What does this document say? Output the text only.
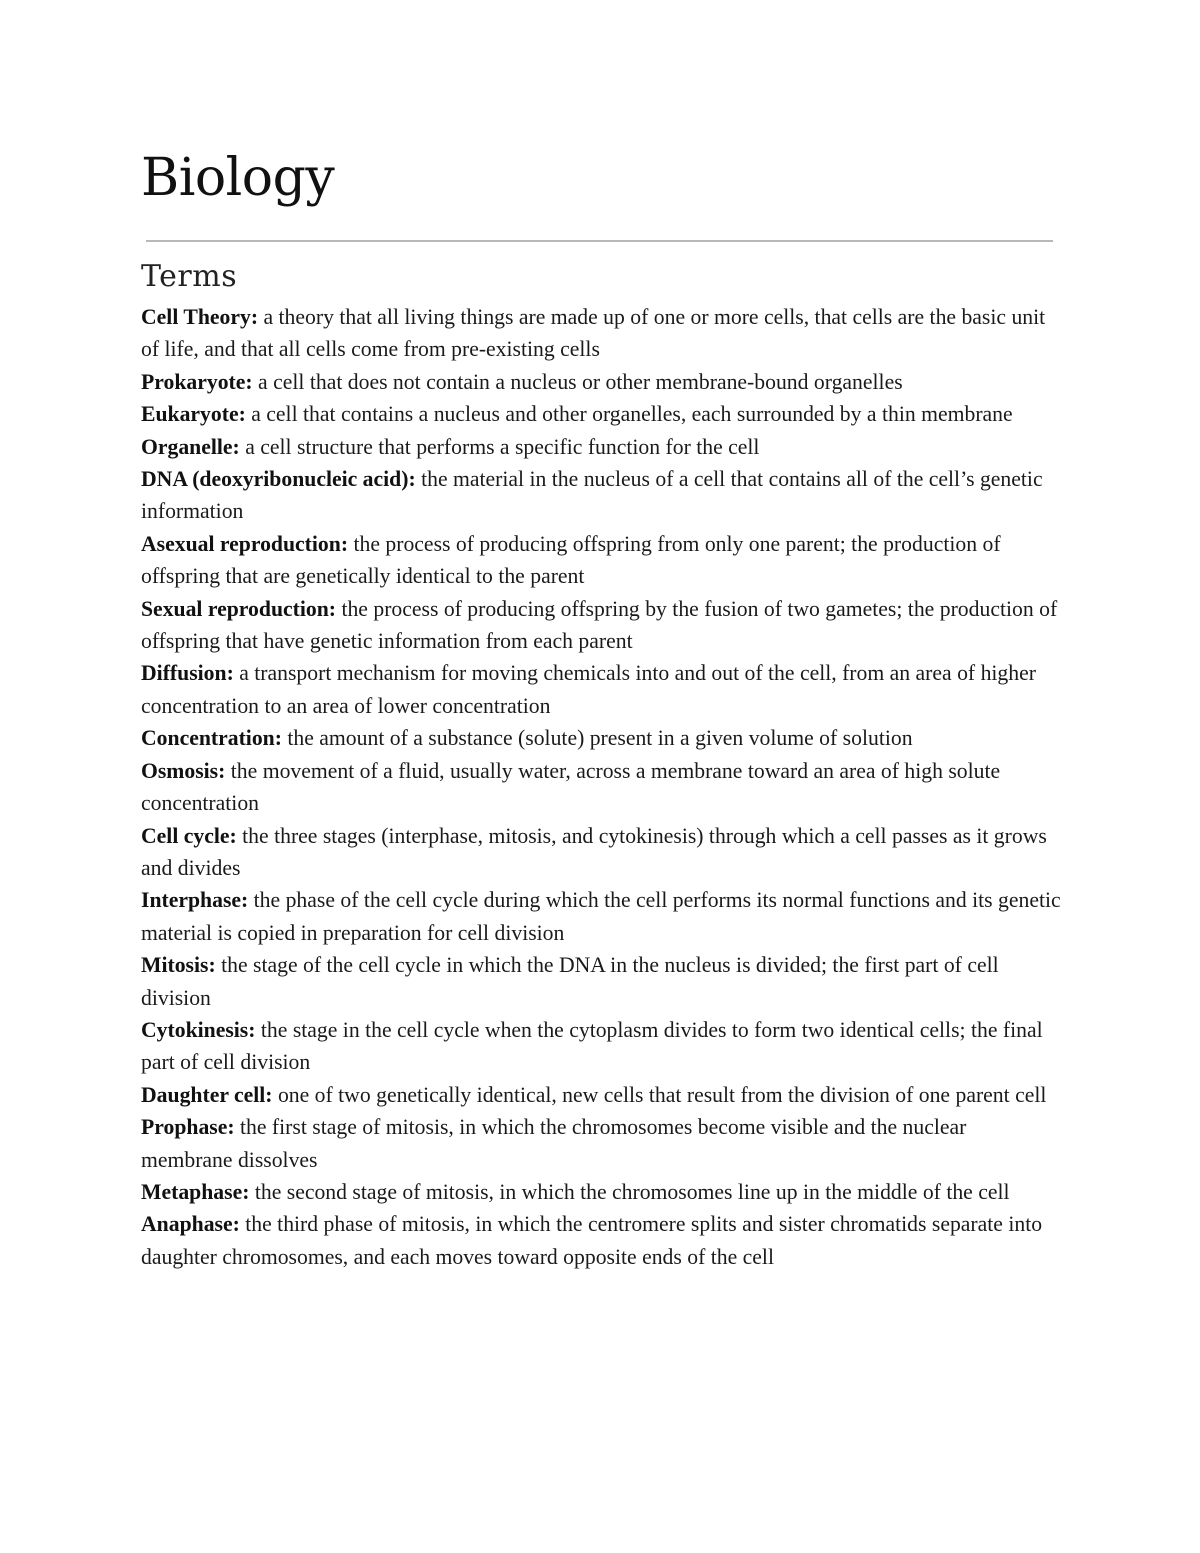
Biology
Terms
Cell Theory: a theory that all living things are made up of one or more cells, that cells are the basic unit of life, and that all cells come from pre-existing cells
Prokaryote: a cell that does not contain a nucleus or other membrane-bound organelles
Eukaryote: a cell that contains a nucleus and other organelles, each surrounded by a thin membrane
Organelle: a cell structure that performs a specific function for the cell
DNA (deoxyribonucleic acid): the material in the nucleus of a cell that contains all of the cell’s genetic information
Asexual reproduction: the process of producing offspring from only one parent; the production of offspring that are genetically identical to the parent
Sexual reproduction: the process of producing offspring by the fusion of two gametes; the production of offspring that have genetic information from each parent
Diffusion: a transport mechanism for moving chemicals into and out of the cell, from an area of higher concentration to an area of lower concentration
Concentration: the amount of a substance (solute) present in a given volume of solution
Osmosis: the movement of a fluid, usually water, across a membrane toward an area of high solute concentration
Cell cycle: the three stages (interphase, mitosis, and cytokinesis) through which a cell passes as it grows and divides
Interphase: the phase of the cell cycle during which the cell performs its normal functions and its genetic material is copied in preparation for cell division
Mitosis: the stage of the cell cycle in which the DNA in the nucleus is divided; the first part of cell division
Cytokinesis: the stage in the cell cycle when the cytoplasm divides to form two identical cells; the final part of cell division
Daughter cell: one of two genetically identical, new cells that result from the division of one parent cell
Prophase: the first stage of mitosis, in which the chromosomes become visible and the nuclear membrane dissolves
Metaphase: the second stage of mitosis, in which the chromosomes line up in the middle of the cell
Anaphase: the third phase of mitosis, in which the centromere splits and sister chromatids separate into daughter chromosomes, and each moves toward opposite ends of the cell
